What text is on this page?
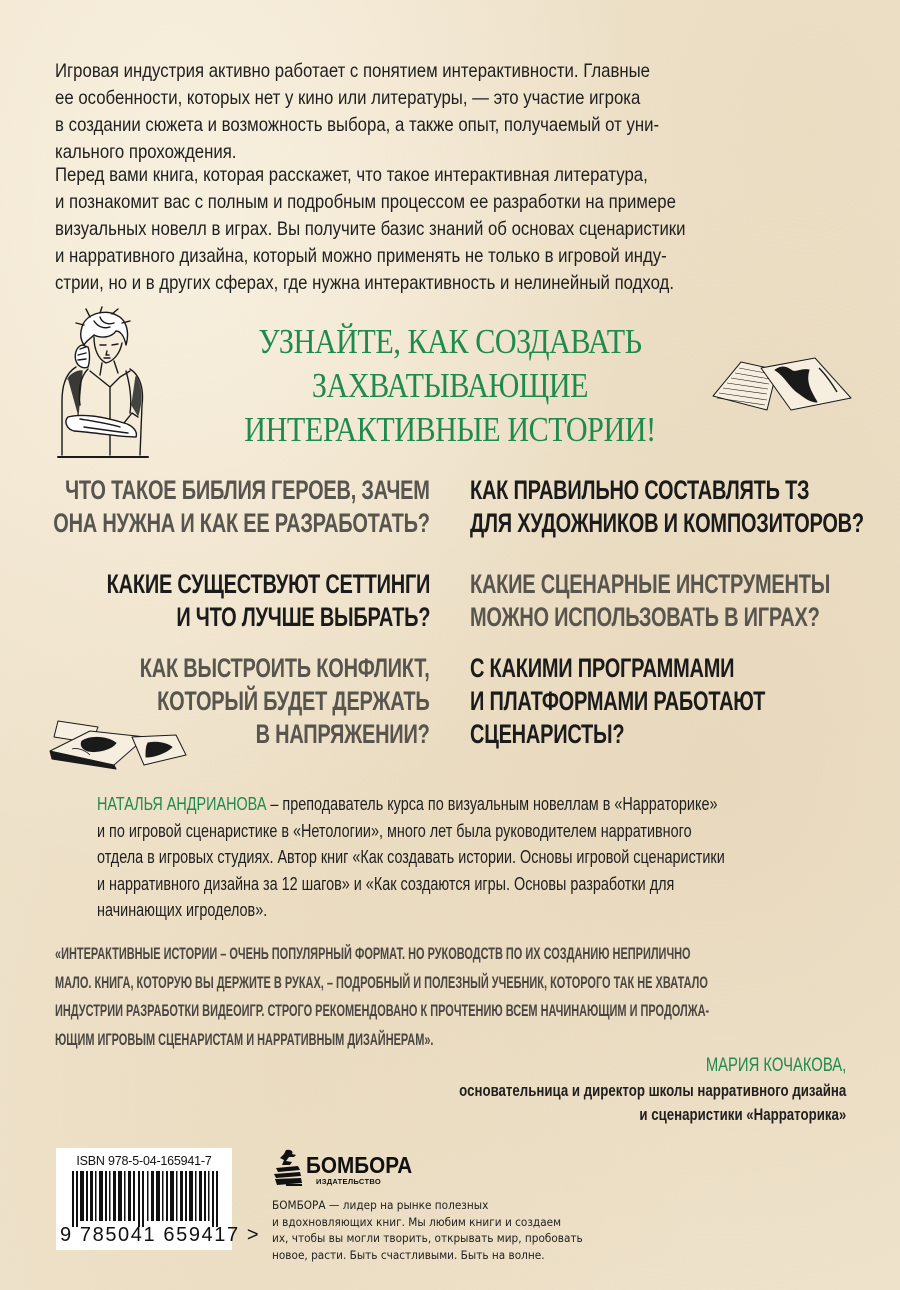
Игровая индустрия активно работает с понятием интерактивности. Главные

ее особенности, которых нет у кино или литературы, — это участие игрока

в создании сюжета и возможность выбора, а также опыт, получаемый от уни-

кального прохождения.

Перед вами книга, которая расскажет, что такое интерактивная литература,

и познакомит вас с полным и подробным процессом ее разработки на примере

визуальных новелл в играх. Вы получите базис знаний об основах сценаристики

и нарративного дизайна, который можно применять не только в игровой инду-

стрии, но и в других сферах, где нужна интерактивность и нелинейный подход.

УЗНАЙТЕ, КАК СОЗДАВАТЬ
ЗАХВАТЫВАЮЩИЕ
ИНТЕРАКТИВНЫЕ ИСТОРИИ!
ЧТО ТАКОЕ БИБЛИЯ ГЕРОЕВ, ЗАЧЕМ
ОНА НУЖНА И КАК ЕЕ РАЗРАБОТАТЬ?
КАКИЕ СУЩЕСТВУЮТ СЕТТИНГИ
И ЧТО ЛУЧШЕ ВЫБРАТЬ?
КАК ВЫСТРОИТЬ КОНФЛИКТ,
КОТОРЫЙ БУДЕТ ДЕРЖАТЬ
В НАПРЯЖЕНИИ?
КАК ПРАВИЛЬНО СОСТАВЛЯТЬ ТЗ
ДЛЯ ХУДОЖНИКОВ И КОМПОЗИТОРОВ?
КАКИЕ СЦЕНАРНЫЕ ИНСТРУМЕНТЫ
МОЖНО ИСПОЛЬЗОВАТЬ В ИГРАХ?
С КАКИМИ ПРОГРАММАМИ
И ПЛАТФОРМАМИ РАБОТАЮТ
СЦЕНАРИСТЫ?
НАТАЛЬЯ АНДРИАНОВА – преподаватель курса по визуальным новеллам в «Нарраторике»
и по игровой сценаристике в «Нетологии», много лет была руководителем нарративного
отдела в игровых студиях. Автор книг «Как создавать истории. Основы игровой сценаристики
и нарративного дизайна за 12 шагов» и «Как создаются игры. Основы разработки для
начинающих игроделов».
«ИНТЕРАКТИВНЫЕ ИСТОРИИ – ОЧЕНЬ ПОПУЛЯРНЫЙ ФОРМАТ. НО РУКОВОДСТВ ПО ИХ СОЗДАНИЮ НЕПРИЛИЧНО
МАЛО. КНИГА, КОТОРУЮ ВЫ ДЕРЖИТЕ В РУКАХ, – ПОДРОБНЫЙ И ПОЛЕЗНЫЙ УЧЕБНИК, КОТОРОГО ТАК НЕ ХВАТАЛО
ИНДУСТРИИ РАЗРАБОТКИ ВИДЕОИГР. СТРОГО РЕКОМЕНДОВАНО К ПРОЧТЕНИЮ ВСЕМ НАЧИНАЮЩИМ И ПРОДОЛЖА-
ЮЩИМ ИГРОВЫМ СЦЕНАРИСТАМ И НАРРАТИВНЫМ ДИЗАЙНЕРАМ».
МАРИЯ КОЧАКОВА,
основательница и директор школы нарративного дизайна
и сценаристики «Нарраторика»
ISBN 978-5-04-165941-7
9 785041 659417 >
БОМБОРА
ИЗДАТЕЛЬСТВО
БОМБОРА — лидер на рынке полезных
и вдохновляющих книг. Мы любим книги и создаем
их, чтобы вы могли творить, открывать мир, пробовать
новое, расти. Быть счастливыми. Быть на волне.
